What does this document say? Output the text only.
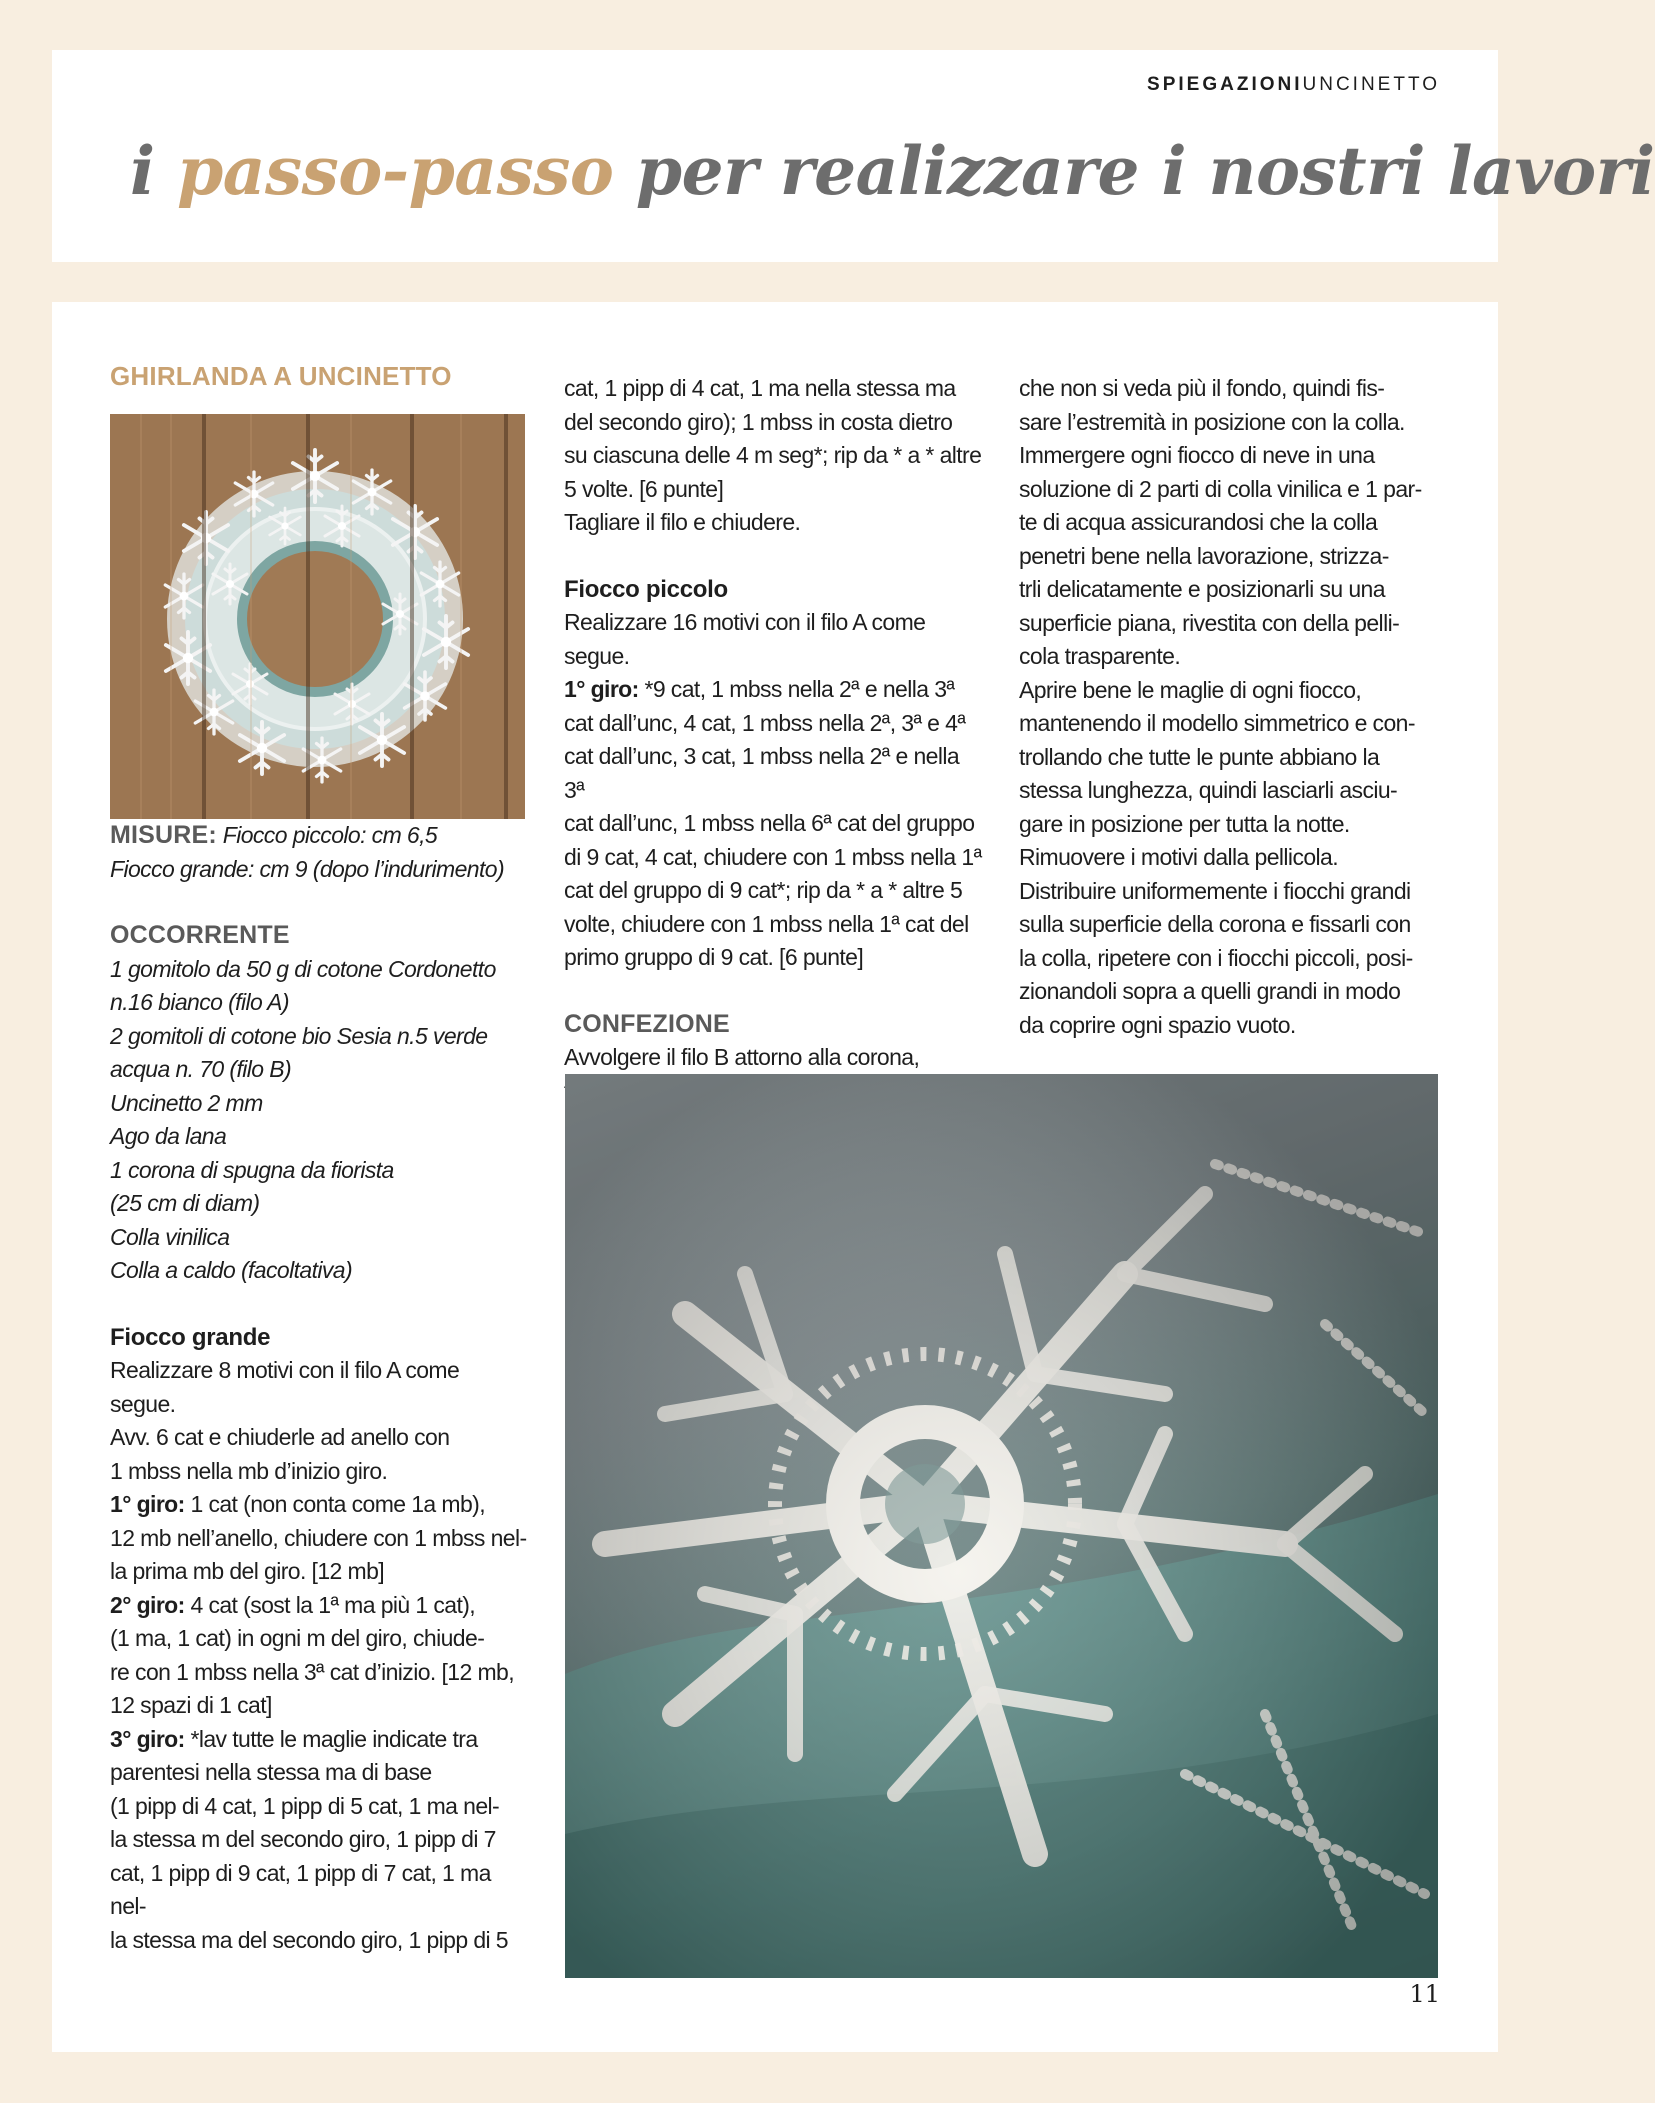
SPIEGAZIONIUNCINETTO
i passo-passo per realizzare i nostri lavori
GHIRLANDA A UNCINETTO

MISURE: Fiocco piccolo: cm 6,5

Fiocco grande: cm 9 (dopo l’indurimento)

OCCORRENTE

1 gomitolo da 50 g di cotone Cordonetto

n.16 bianco (filo A)

2 gomitoli di cotone bio Sesia n.5 verde

acqua n. 70 (filo B)

Uncinetto 2 mm

Ago da lana

1 corona di spugna da fiorista

(25 cm di diam)

Colla vinilica

Colla a caldo (facoltativa)

Fiocco grande

Realizzare 8 motivi con il filo A come segue.

Avv. 6 cat e chiuderle ad anello con

1 mbss nella mb d’inizio giro.

1° giro: 1 cat (non conta come 1a mb),

12 mb nell’anello, chiudere con 1 mbss nel-

la prima mb del giro. [12 mb]

2° giro: 4 cat (sost la 1ª ma più 1 cat),

(1 ma, 1 cat) in ogni m del giro, chiude-

re con 1 mbss nella 3ª cat d’inizio. [12 mb,

12 spazi di 1 cat]

3° giro: *lav tutte le maglie indicate tra

parentesi nella stessa ma di base

(1 pipp di 4 cat, 1 pipp di 5 cat, 1 ma nel-

la stessa m del secondo giro, 1 pipp di 7

cat, 1 pipp di 9 cat, 1 pipp di 7 cat, 1 ma nel-

la stessa ma del secondo giro, 1 pipp di 5

cat, 1 pipp di 4 cat, 1 ma nella stessa ma

del secondo giro); 1 mbss in costa dietro

su ciascuna delle 4 m seg*; rip da * a * altre

5 volte. [6 punte]

Tagliare il filo e chiudere.

Fiocco piccolo

Realizzare 16 motivi con il filo A come segue.

1° giro: *9 cat, 1 mbss nella 2ª e nella 3ª

cat dall’unc, 4 cat, 1 mbss nella 2ª, 3ª e 4ª

cat dall’unc, 3 cat, 1 mbss nella 2ª e nella 3ª

cat dall’unc, 1 mbss nella 6ª cat del gruppo

di 9 cat, 4 cat, chiudere con 1 mbss nella 1ª

cat del gruppo di 9 cat*; rip da * a * altre 5

volte, chiudere con 1 mbss nella 1ª cat del

primo gruppo di 9 cat. [6 punte]

CONFEZIONE

Avvolgere il filo B attorno alla corona,

che non si veda più il fondo, quindi fis-

sare l’estremità in posizione con la colla.

Immergere ogni fiocco di neve in una

soluzione di 2 parti di colla vinilica e 1 par-

te di acqua assicurandosi che la colla

penetri bene nella lavorazione, strizza-

trli delicatamente e posizionarli su una

superficie piana, rivestita con della pelli-

cola trasparente.

Aprire bene le maglie di ogni fiocco,

mantenendo il modello simmetrico e con-

trollando che tutte le punte abbiano la

stessa lunghezza, quindi lasciarli asciu-

gare in posizione per tutta la notte.

Rimuovere i motivi dalla pellicola.

Distribuire uniformemente i fiocchi grandi

sulla superficie della corona e fissarli con

la colla, ripetere con i fiocchi piccoli, posi-

zionandoli sopra a quelli grandi in modo

da coprire ogni spazio vuoto.

11
